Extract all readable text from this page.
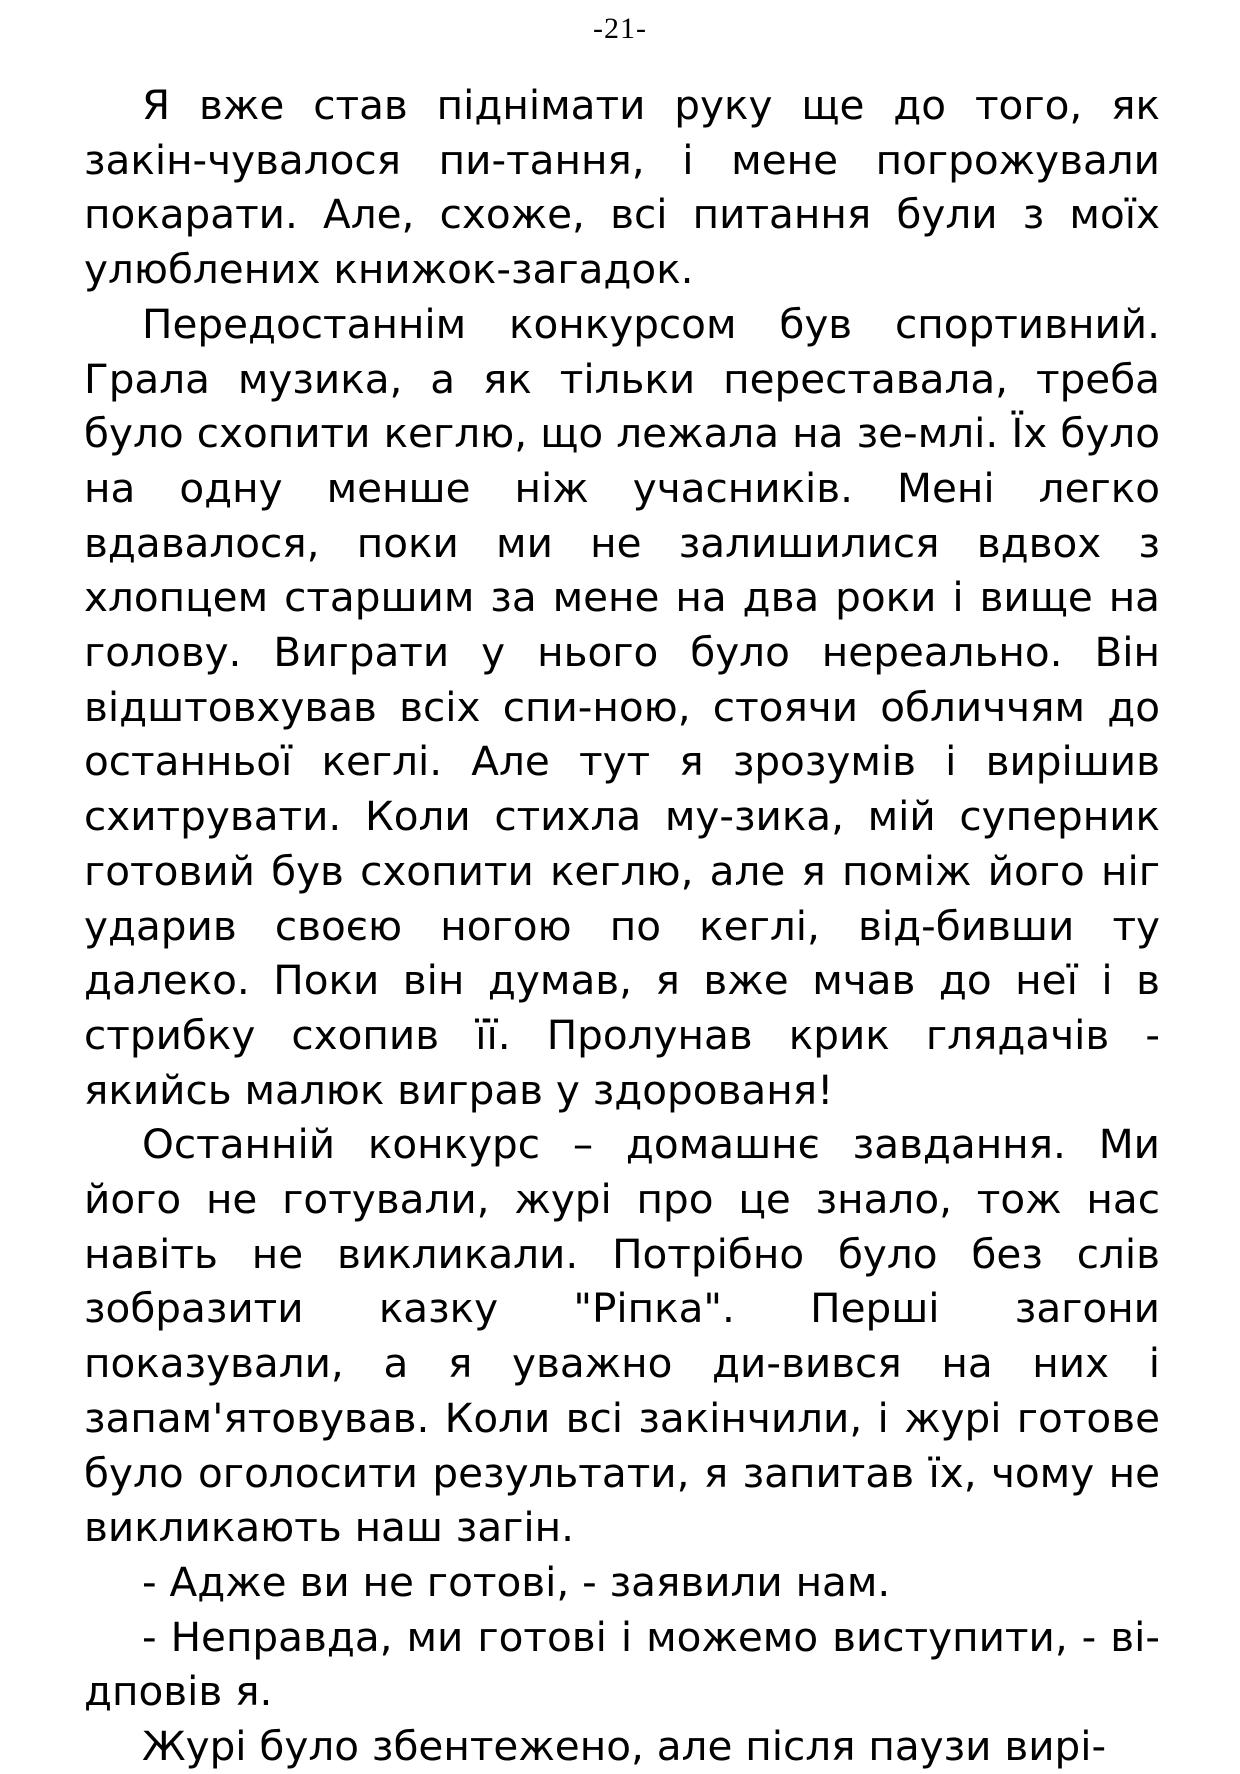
-21-

Я вже став піднімати руку ще до того, як закін-чувалося пи-тання, і мене погрожували покарати. Але, схоже, всі питання були з моїх улюблених книжок-загадок.

Передостаннім конкурсом був спортивний. Грала музика, а як тільки переставала, треба було схопити кеглю, що лежала на зе-млі. Їх було на одну менше ніж учасників. Мені легко вдавалося, поки ми не залишилися вдвох з хлопцем старшим за мене на два роки і вище на голову. Виграти у нього було нереально. Він відштовхував всіх спи-ною, стоячи обличчям до останньої кеглі. Але тут я зрозумів і вирішив схитрувати. Коли стихла му-зика, мій суперник готовий був схопити кеглю, але я поміж його ніг ударив своєю ногою по кеглі, від-бивши ту далеко. Поки він думав, я вже мчав до неї і в стрибку схопив її. Пролунав крик глядачів - якийсь малюк виграв у здорованя!

Останній конкурс – домашнє завдання. Ми його не готували, журі про це знало, тож нас навіть не викликали. Потрібно було без слів зобразити казку "Ріпка". Перші загони показували, а я уважно ди-вився на них і запам'ятовував. Коли всі закінчили, і журі готове було оголосити результати, я запитав їх, чому не викликають наш загін.

- Адже ви не готові, - заявили нам.

- Неправда, ми готові і можемо виступити, - ві-дповів я.

Журі було збентежено, але після паузи вирі-
